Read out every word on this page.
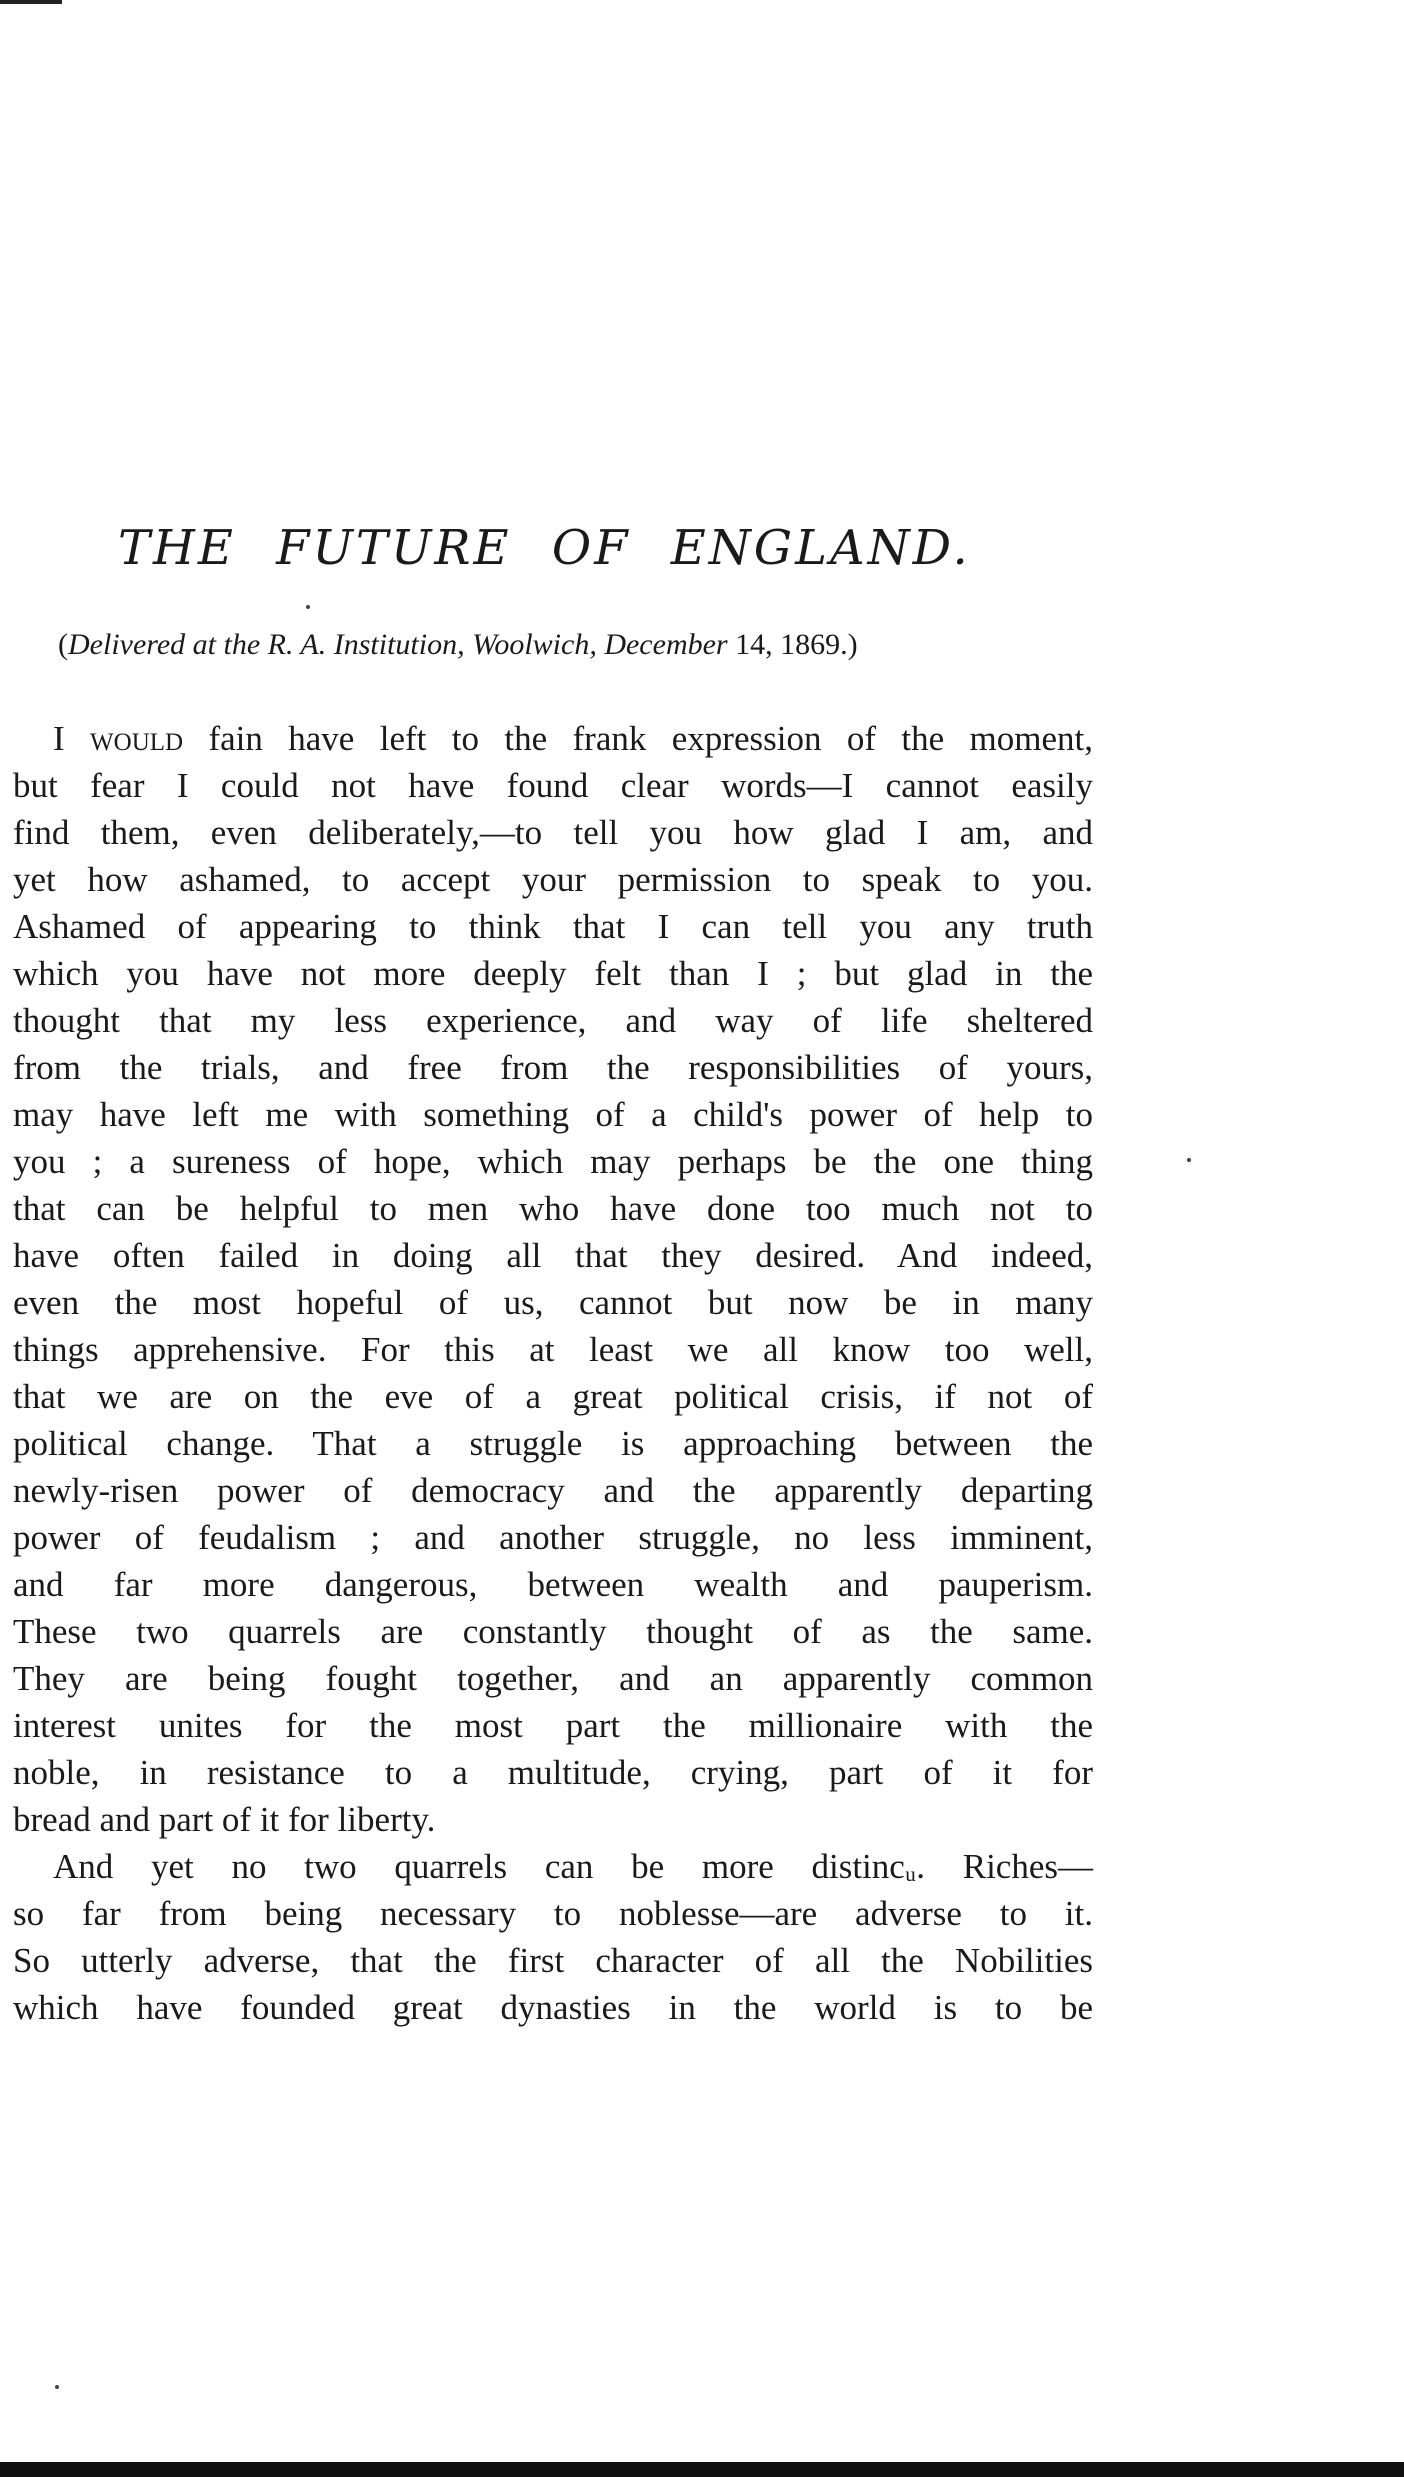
THE FUTURE OF ENGLAND.
(Delivered at the R. A. Institution, Woolwich, December 14, 1869.)
I would fain have left to the frank expression of the moment,
but fear I could not have found clear words—I cannot easily
find them, even deliberately,—to tell you how glad I am, and
yet how ashamed, to accept your permission to speak to you.
Ashamed of appearing to think that I can tell you any truth
which you have not more deeply felt than I ; but glad in the
thought that my less experience, and way of life sheltered
from the trials, and free from the responsibilities of yours,
may have left me with something of a child's power of help to
you ; a sureness of hope, which may perhaps be the one thing
that can be helpful to men who have done too much not to
have often failed in doing all that they desired. And indeed,
even the most hopeful of us, cannot but now be in many
things apprehensive. For this at least we all know too well,
that we are on the eve of a great political crisis, if not of
political change. That a struggle is approaching between the
newly-risen power of democracy and the apparently departing
power of feudalism ; and another struggle, no less imminent,
and far more dangerous, between wealth and pauperism.
These two quarrels are constantly thought of as the same.
They are being fought together, and an apparently common
interest unites for the most part the millionaire with the
noble, in resistance to a multitude, crying, part of it for
bread and part of it for liberty.
And yet no two quarrels can be more distincᵤ. Riches—
so far from being necessary to noblesse—are adverse to it.
So utterly adverse, that the first character of all the Nobilities
which have founded great dynasties in the world is to be
